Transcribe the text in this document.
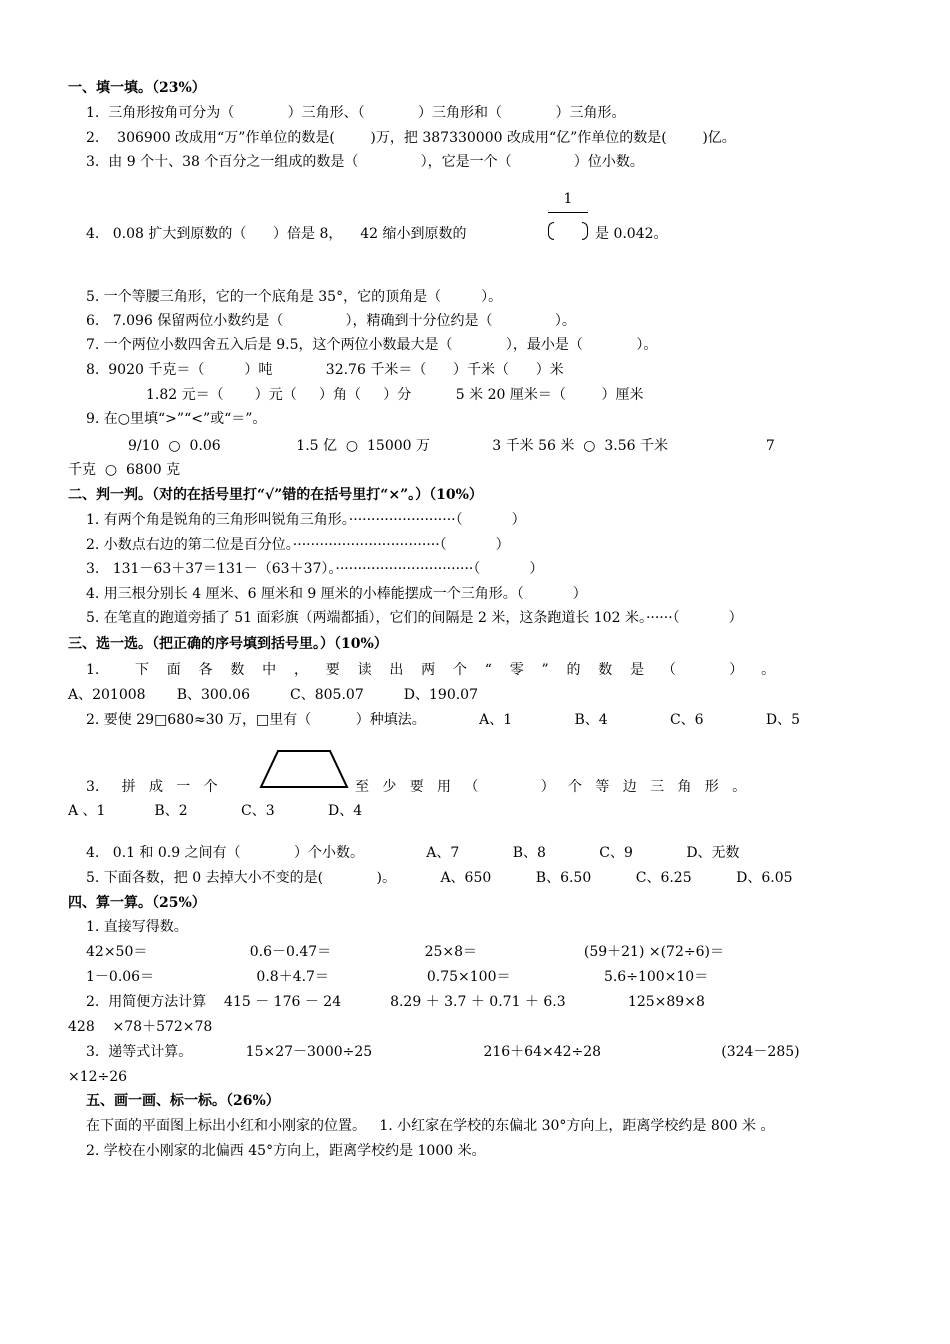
一、填一填。（23%）
1.  三角形按角可分为（            ）三角形、（            ）三角形和（            ）三角形。
2.    306900 改成用“万”作单位的数是(        )万，把 387330000 改成用“亿”作单位的数是(        )亿。
3.  由 9 个十、38 个百分之一组成的数是（              ），它是一个（              ）位小数。
4.   0.08 扩大到原数的（      ）倍是 8，    42 缩小到原数的
1
是 0.042。
5. 一个等腰三角形，它的一个底角是 35°，它的顶角是（         ）。
6.   7.096 保留两位小数约是（              ），精确到十分位约是（              ）。
7. 一个两位小数四舍五入后是 9.5，这个两位小数最大是（            ），最小是（            ）。
8.  9020 千克＝（         ）吨            32.76 千米＝（      ）千米（      ）米
1.82 元＝（       ）元（     ）角（     ）分          5 米 20 厘米＝（        ）厘米
9. 在○里填“>”“<”或“＝”。
9/10  ○  0.06                 1.5 亿  ○  15000 万              3 千米 56 米  ○  3.56 千米                      7
千克  ○  6800 克
二、判一判。（对的在括号里打“√”错的在括号里打“×”。）（10%）
1. 有两个角是锐角的三角形叫锐角三角形。························（           ）
2. 小数点右边的第二位是百分位。·································（           ）
3.   131－63＋37＝131－（63＋37）。·······························（           ）
4. 用三根分别长 4 厘米、6 厘米和 9 厘米的小棒能摆成一个三角形。（           ）
5. 在笔直的跑道旁插了 51 面彩旗（两端都插），它们的间隔是 2 米，这条跑道长 102 米。······（           ）
三、选一选。（把正确的序号填到括号里。）（10%）
1.        下    面    各    数    中    ，    要    读    出    两    个    “    零    ”    的    数    是    （            ）    。
A、201008       B、300.06         C、805.07         D、190.07
2. 要使 29□680≈30 万，□里有（          ）种填法。            A、1              B、4              C、6              D、5
3.     拼   成   一   个	至   少   要   用   （              ）   个   等   边   三   角   形   。
A 、1           B、2            C、3            D、4
4.   0.1 和 0.9 之间有（            ）个小数。              A、7            B、8            C、9            D、无数
5. 下面各数，把 0 去掉大小不变的是(            )。          A、650          B、6.50          C、6.25          D、6.05
四、算一算。（25%）
1. 直接写得数。
42×50＝                       0.6－0.47＝                     25×8＝                        (59＋21) ×(72÷6)＝
1－0.06＝                       0.8＋4.7＝                      0.75×100＝                     5.6÷100×10＝
2.  用简便方法计算    415 － 176 － 24           8.29 ＋ 3.7 ＋ 0.71 ＋ 6.3              125×89×8
428    ×78＋572×78
3.  递等式计算。            15×27－3000÷25                         216＋64×42÷28                           (324－285)
×12÷26
五、画一画、标一标。（26%）
在下面的平面图上标出小红和小刚家的位置。   1. 小红家在学校的东偏北 30°方向上，距离学校约是 800 米 。
2. 学校在小刚家的北偏西 45°方向上，距离学校约是 1000 米。
